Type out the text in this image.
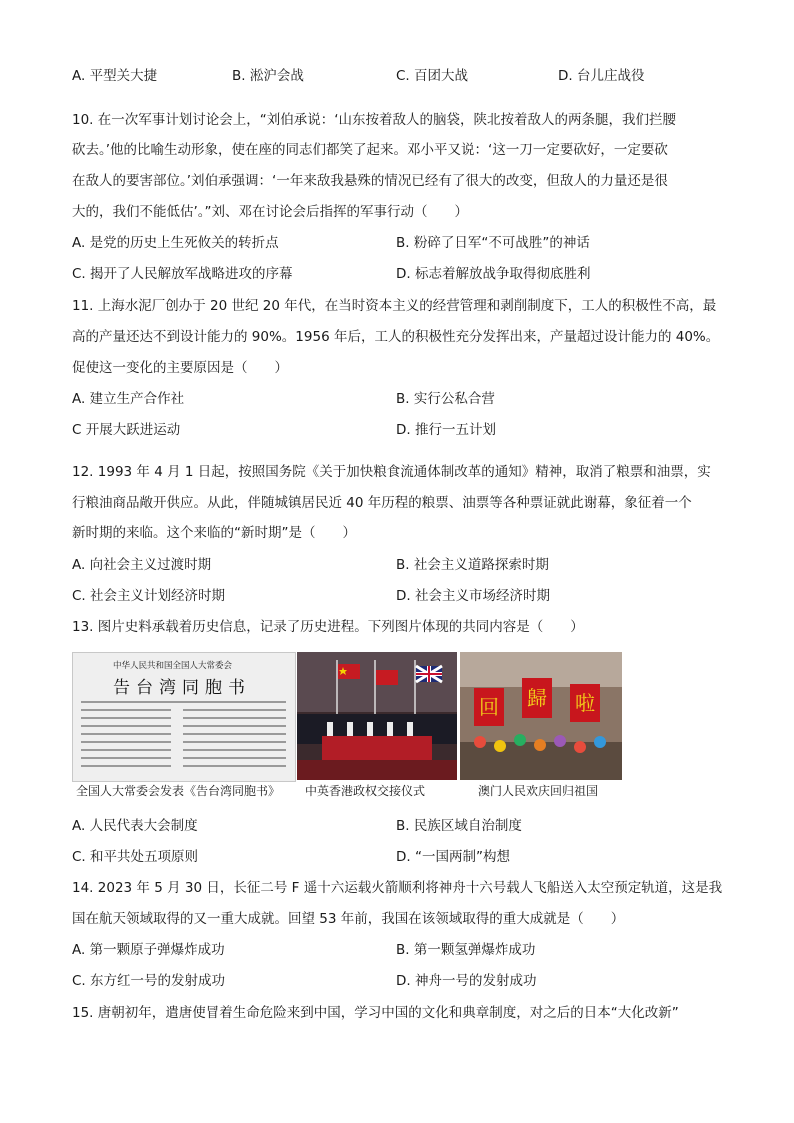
A. 平型关大捷	B. 淞沪会战	C. 百团大战	D. 台儿庄战役
10. 在一次军事计划讨论会上，“刘伯承说：‘山东按着敌人的脑袋，陕北按着敌人的两条腿，我们拦腰
砍去。’他的比喻生动形象，使在座的同志们都笑了起来。邓小平又说：‘这一刀一定要砍好，一定要砍
在敌人的要害部位。’刘伯承强调：‘一年来敌我悬殊的情况已经有了很大的改变，但敌人的力量还是很
大的，我们不能低估’。”刘、邓在讨论会后指挥的军事行动（　　）
A. 是党的历史上生死攸关的转折点	B. 粉碎了日军“不可战胜”的神话
C. 揭开了人民解放军战略进攻的序幕	D. 标志着解放战争取得彻底胜利
11. 上海水泥厂创办于 20 世纪 20 年代，在当时资本主义的经营管理和剥削制度下，工人的积极性不高，最
高的产量还达不到设计能力的 90%。1956 年后，工人的积极性充分发挥出来，产量超过设计能力的 40%。
促使这一变化的主要原因是（　　）
A. 建立生产合作社	B. 实行公私合营
C 开展大跃进运动	D. 推行一五计划
12. 1993 年 4 月 1 日起，按照国务院《关于加快粮食流通体制改革的通知》精神，取消了粮票和油票，实
行粮油商品敞开供应。从此，伴随城镇居民近 40 年历程的粮票、油票等各种票证就此谢幕，象征着一个
新时期的来临。这个来临的“新时期”是（　　）
A. 向社会主义过渡时期	B. 社会主义道路探索时期
C. 社会主义计划经济时期	D. 社会主义市场经济时期
13. 图片史料承载着历史信息，记录了历史进程。下列图片体现的共同内容是（　　）
中华人民共和国全国人大常委会
告台湾同胞书
回 歸 啦
全国人大常委会发表《告台湾同胞书》 中英香港政权交接仪式	澳门人民欢庆回归祖国
A. 人民代表大会制度	B. 民族区域自治制度
C. 和平共处五项原则	D. “一国两制”构想
14. 2023 年 5 月 30 日，长征二号 F 遥十六运载火箭顺利将神舟十六号载人飞船送入太空预定轨道，这是我
国在航天领域取得的又一重大成就。回望 53 年前，我国在该领域取得的重大成就是（　　）
A. 第一颗原子弹爆炸成功	B. 第一颗氢弹爆炸成功
C. 东方红一号的发射成功	D. 神舟一号的发射成功
15. 唐朝初年，遣唐使冒着生命危险来到中国，学习中国的文化和典章制度，对之后的日本“大化改新”
